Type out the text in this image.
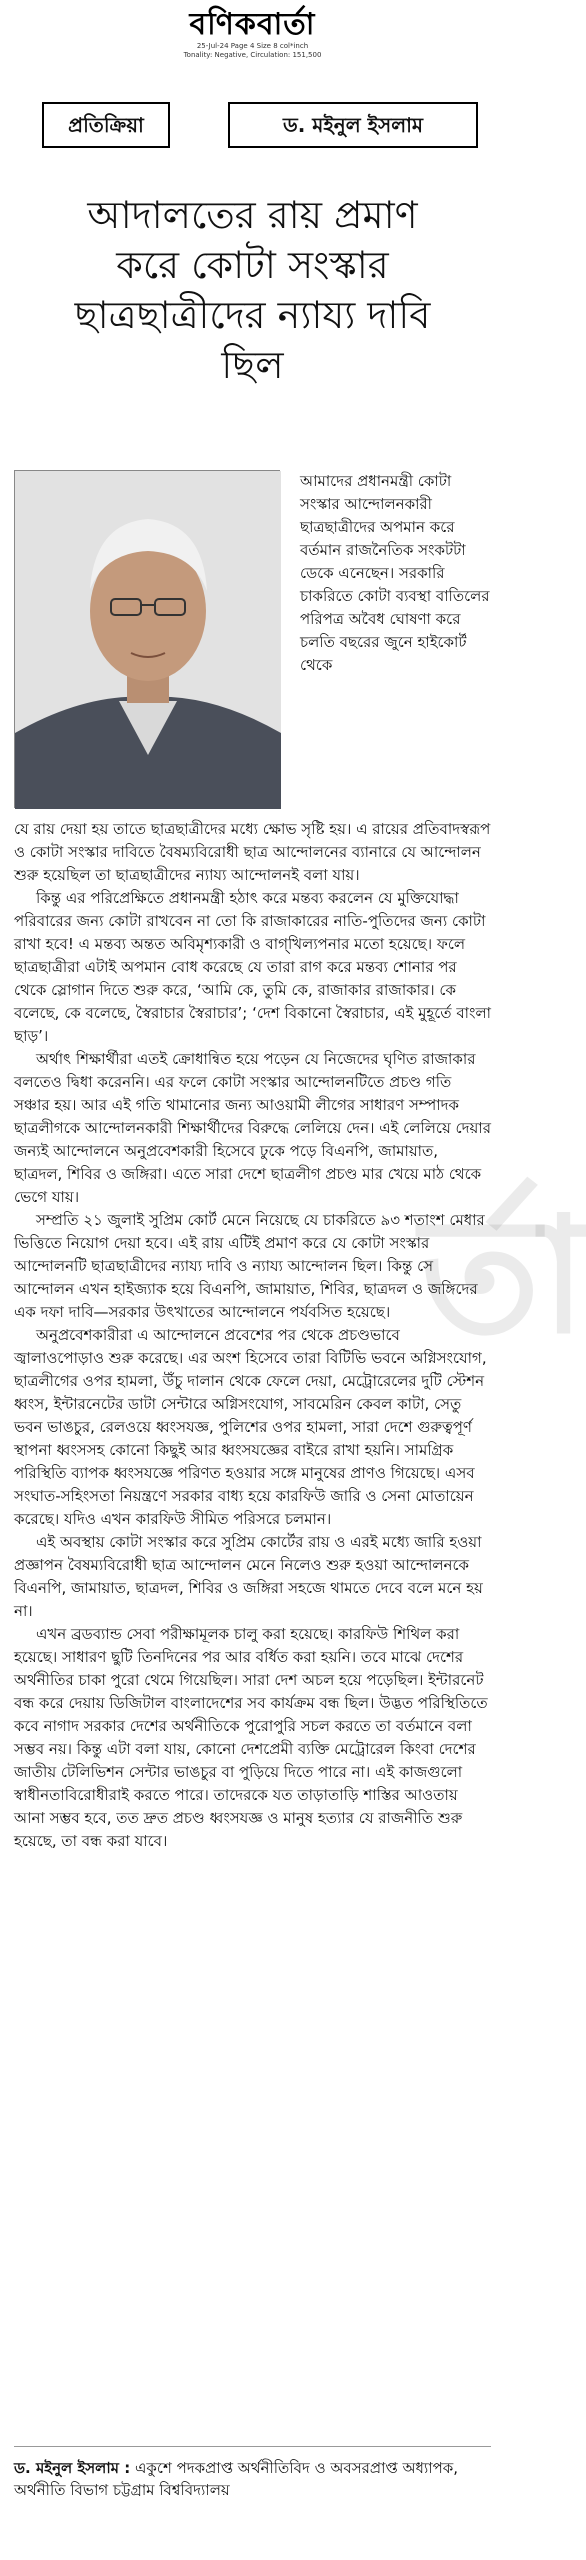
বণিকবার্তা
25-Jul-24 Page 4 Size 8 col*inch
Tonality: Negative, Circulation: 151,500
প্রতিক্রিয়া	ড. মইনুল ইসলাম
আদালতের রায় প্রমাণ করে কোটা সংস্কার ছাত্রছাত্রীদের ন্যায্য দাবি ছিল

আমাদের প্রধানমন্ত্রী কোটা সংস্কার আন্দোলনকারী ছাত্রছাত্রীদের অপমান করে বর্তমান রাজনৈতিক সংকটটা ডেকে এনেছেন। সরকারি চাকরিতে কোটা ব্যবস্থা বাতিলের পরিপত্র অবৈধ ঘোষণা করে চলতি বছরের জুনে হাইকোর্ট থেকে

যে রায় দেয়া হয় তাতে ছাত্রছাত্রীদের মধ্যে ক্ষোভ সৃষ্টি হয়। এ রায়ের প্রতিবাদস্বরূপ ও কোটা সংস্কার দাবিতে বৈষম্যবিরোধী ছাত্র আন্দোলনের ব্যানারে যে আন্দোলন শুরু হয়েছিল তা ছাত্রছাত্রীদের ন্যায্য আন্দোলনই বলা যায়।

কিন্তু এর পরিপ্রেক্ষিতে প্রধানমন্ত্রী হঠাৎ করে মন্তব্য করলেন যে মুক্তিযোদ্ধা পরিবারের জন্য কোটা রাখবেন না তো কি রাজাকারের নাতি-পুতিদের জন্য কোটা রাখা হবে! এ মন্তব্য অন্তত অবিমৃশ্যকারী ও বাগ্‌খিল্যপনার মতো হয়েছে। ফলে ছাত্রছাত্রীরা এটাই অপমান বোধ করেছে যে তারা রাগ করে মন্তব্য শোনার পর থেকে স্লোগান দিতে শুরু করে, ‘আমি কে, তুমি কে, রাজাকার রাজাকার। কে বলেছে, কে বলেছে, স্বৈরাচার স্বৈরাচার’; ‘দেশ বিকানো স্বৈরাচার, এই মুহূর্তে বাংলা ছাড়’।

অর্থাৎ শিক্ষার্থীরা এতই ক্রোধান্বিত হয়ে পড়েন যে নিজেদের ঘৃণিত রাজাকার বলতেও দ্বিধা করেননি। এর ফলে কোটা সংস্কার আন্দোলনটিতে প্রচণ্ড গতি সঞ্চার হয়। আর এই গতি থামানোর জন্য আওয়ামী লীগের সাধারণ সম্পাদক ছাত্রলীগকে আন্দোলনকারী শিক্ষার্থীদের বিরুদ্ধে লেলিয়ে দেন। এই লেলিয়ে দেয়ার জন্যই আন্দোলনে অনুপ্রবেশকারী হিসেবে ঢুকে পড়ে বিএনপি, জামায়াত, ছাত্রদল, শিবির ও জঙ্গিরা। এতে সারা দেশে ছাত্রলীগ প্রচণ্ড মার খেয়ে মাঠ থেকে ভেগে যায়।

সম্প্রতি ২১ জুলাই সুপ্রিম কোর্ট মেনে নিয়েছে যে চাকরিতে ৯৩ শতাংশ মেধার ভিত্তিতে নিয়োগ দেয়া হবে। এই রায় এটিই প্রমাণ করে যে কোটা সংস্কার আন্দোলনটি ছাত্রছাত্রীদের ন্যায্য দাবি ও ন্যায্য আন্দোলন ছিল। কিন্তু সে আন্দোলন এখন হাইজ্যাক হয়ে বিএনপি, জামায়াত, শিবির, ছাত্রদল ও জঙ্গিদের এক দফা দাবি—সরকার উৎখাতের আন্দোলনে পর্যবসিত হয়েছে।

অনুপ্রবেশকারীরা এ আন্দোলনে প্রবেশের পর থেকে প্রচণ্ডভাবে জ্বালাওপোড়াও শুরু করেছে। এর অংশ হিসেবে তারা বিটিভি ভবনে অগ্নিসংযোগ, ছাত্রলীগের ওপর হামলা, উঁচু দালান থেকে ফেলে দেয়া, মেট্রোরেলের দুটি স্টেশন ধ্বংস, ইন্টারনেটের ডাটা সেন্টারে অগ্নিসংযোগ, সাবমেরিন কেবল কাটা, সেতু ভবন ভাঙচুর, রেলওয়ে ধ্বংসযজ্ঞ, পুলিশের ওপর হামলা, সারা দেশে গুরুত্বপূর্ণ স্থাপনা ধ্বংসসহ কোনো কিছুই আর ধ্বংসযজ্ঞের বাইরে রাখা হয়নি। সামগ্রিক পরিস্থিতি ব্যাপক ধ্বংসযজ্ঞে পরিণত হওয়ার সঙ্গে মানুষের প্রাণও গিয়েছে। এসব সংঘাত-সহিংসতা নিয়ন্ত্রণে সরকার বাধ্য হয়ে কারফিউ জারি ও সেনা মোতায়েন করেছে। যদিও এখন কারফিউ সীমিত পরিসরে চলমান।

এই অবস্থায় কোটা সংস্কার করে সুপ্রিম কোর্টের রায় ও এরই মধ্যে জারি হওয়া প্রজ্ঞাপন বৈষম্যবিরোধী ছাত্র আন্দোলন মেনে নিলেও শুরু হওয়া আন্দোলনকে বিএনপি, জামায়াত, ছাত্রদল, শিবির ও জঙ্গিরা সহজে থামতে দেবে বলে মনে হয় না।

এখন ব্রডব্যান্ড সেবা পরীক্ষামূলক চালু করা হয়েছে। কারফিউ শিথিল করা হয়েছে। সাধারণ ছুটি তিনদিনের পর আর বর্ধিত করা হয়নি। তবে মাঝে দেশের অর্থনীতির চাকা পুরো থেমে গিয়েছিল। সারা দেশ অচল হয়ে পড়েছিল। ইন্টারনেট বন্ধ করে দেয়ায় ডিজিটাল বাংলাদেশের সব কার্যক্রম বন্ধ ছিল। উদ্ভত পরিস্থিতিতে কবে নাগাদ সরকার দেশের অর্থনীতিকে পুরোপুরি সচল করতে তা বর্তমানে বলা সম্ভব নয়। কিন্তু এটা বলা যায়, কোনো দেশপ্রেমী ব্যক্তি মেট্রোরেল কিংবা দেশের জাতীয় টেলিভিশন সেন্টার ভাঙচুর বা পুড়িয়ে দিতে পারে না। এই কাজগুলো স্বাধীনতাবিরোধীরাই করতে পারে। তাদেরকে যত তাড়াতাড়ি শাস্তির আওতায় আনা সম্ভব হবে, তত দ্রুত প্রচণ্ড ধ্বংসযজ্ঞ ও মানুষ হত্যার যে রাজনীতি শুরু হয়েছে, তা বন্ধ করা যাবে।

র্তা
ড. মইনুল ইসলাম : একুশে পদকপ্রাপ্ত অর্থনীতিবিদ ও অবসরপ্রাপ্ত অধ্যাপক, অর্থনীতি বিভাগ চট্টগ্রাম বিশ্ববিদ্যালয়
